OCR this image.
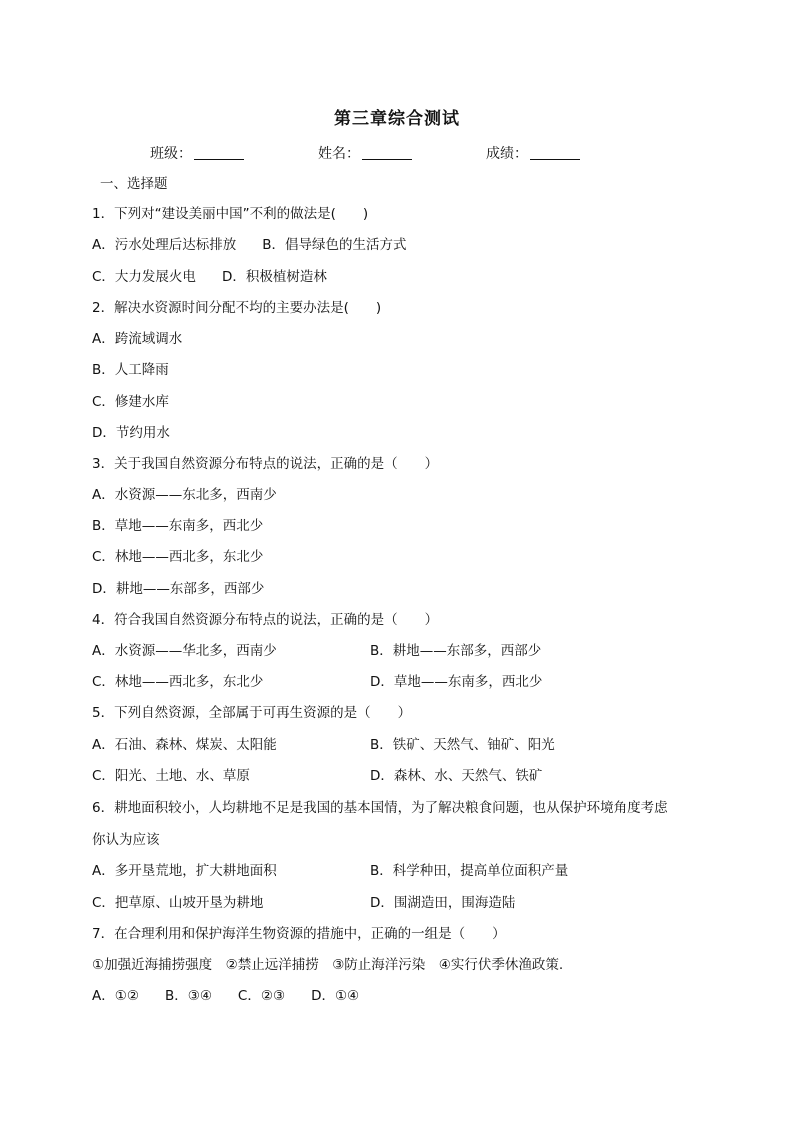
第三章综合测试
班级：	姓名：	成绩：
一、选择题
1．下列对“建设美丽中国”不利的做法是(　　)
A．污水处理后达标排放 B．倡导绿色的生活方式
C．大力发展火电 D．积极植树造林
2．解决水资源时间分配不均的主要办法是(　　)
A．跨流域调水
B．人工降雨
C．修建水库
D．节约用水
3．关于我国自然资源分布特点的说法，正确的是（　　）
A．水资源——东北多，西南少
B．草地——东南多，西北少
C．林地——西北多，东北少
D．耕地——东部多，西部少
4．符合我国自然资源分布特点的说法，正确的是（　　）
A．水资源——华北多，西南少	B．耕地——东部多，西部少
C．林地——西北多，东北少	D．草地——东南多，西北少
5．下列自然资源，全部属于可再生资源的是（　　）
A．石油、森林、煤炭、太阳能	B．铁矿、天然气、铀矿、阳光
C．阳光、土地、水、草原	D．森林、水、天然气、铁矿
6．耕地面积较小，人均耕地不足是我国的基本国情，为了解决粮食问题，也从保护环境角度考虑
你认为应该
A．多开垦荒地，扩大耕地面积	B．科学种田，提高单位面积产量
C．把草原、山坡开垦为耕地	D．围湖造田，围海造陆
7．在合理利用和保护海洋生物资源的措施中，正确的一组是（　　）
①加强近海捕捞强度　②禁止远洋捕捞　③防止海洋污染　④实行伏季休渔政策.
A．①② B．③④ C．②③ D．①④
